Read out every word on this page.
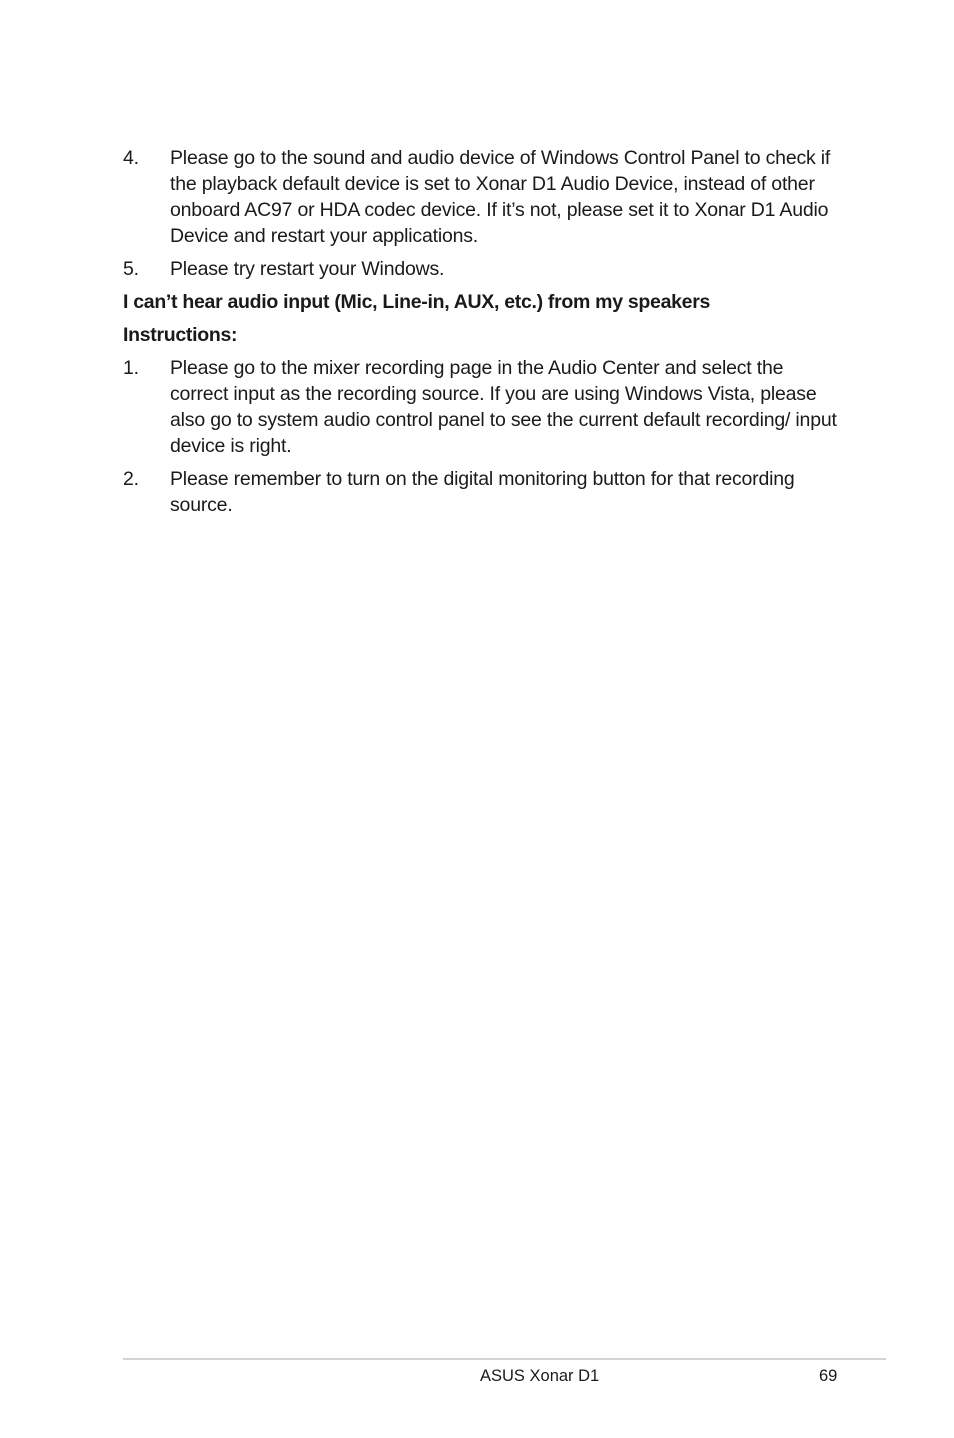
4.	Please go to the sound and audio device of Windows Control Panel to check if the playback default device is set to Xonar D1 Audio Device, instead of other onboard AC97 or HDA codec device. If it’s not, please set it to Xonar D1 Audio Device and restart your applications.
5.	Please try restart your Windows.
I can’t hear audio input (Mic, Line-in, AUX, etc.) from my speakers
Instructions:
1.	Please go to the mixer recording page in the Audio Center and select the correct input as the recording source. If you are using Windows Vista, please also go to system audio control panel to see the current default recording/ input device is right.
2.	Please remember to turn on the digital monitoring button for that recording source.
ASUS Xonar D1	69
